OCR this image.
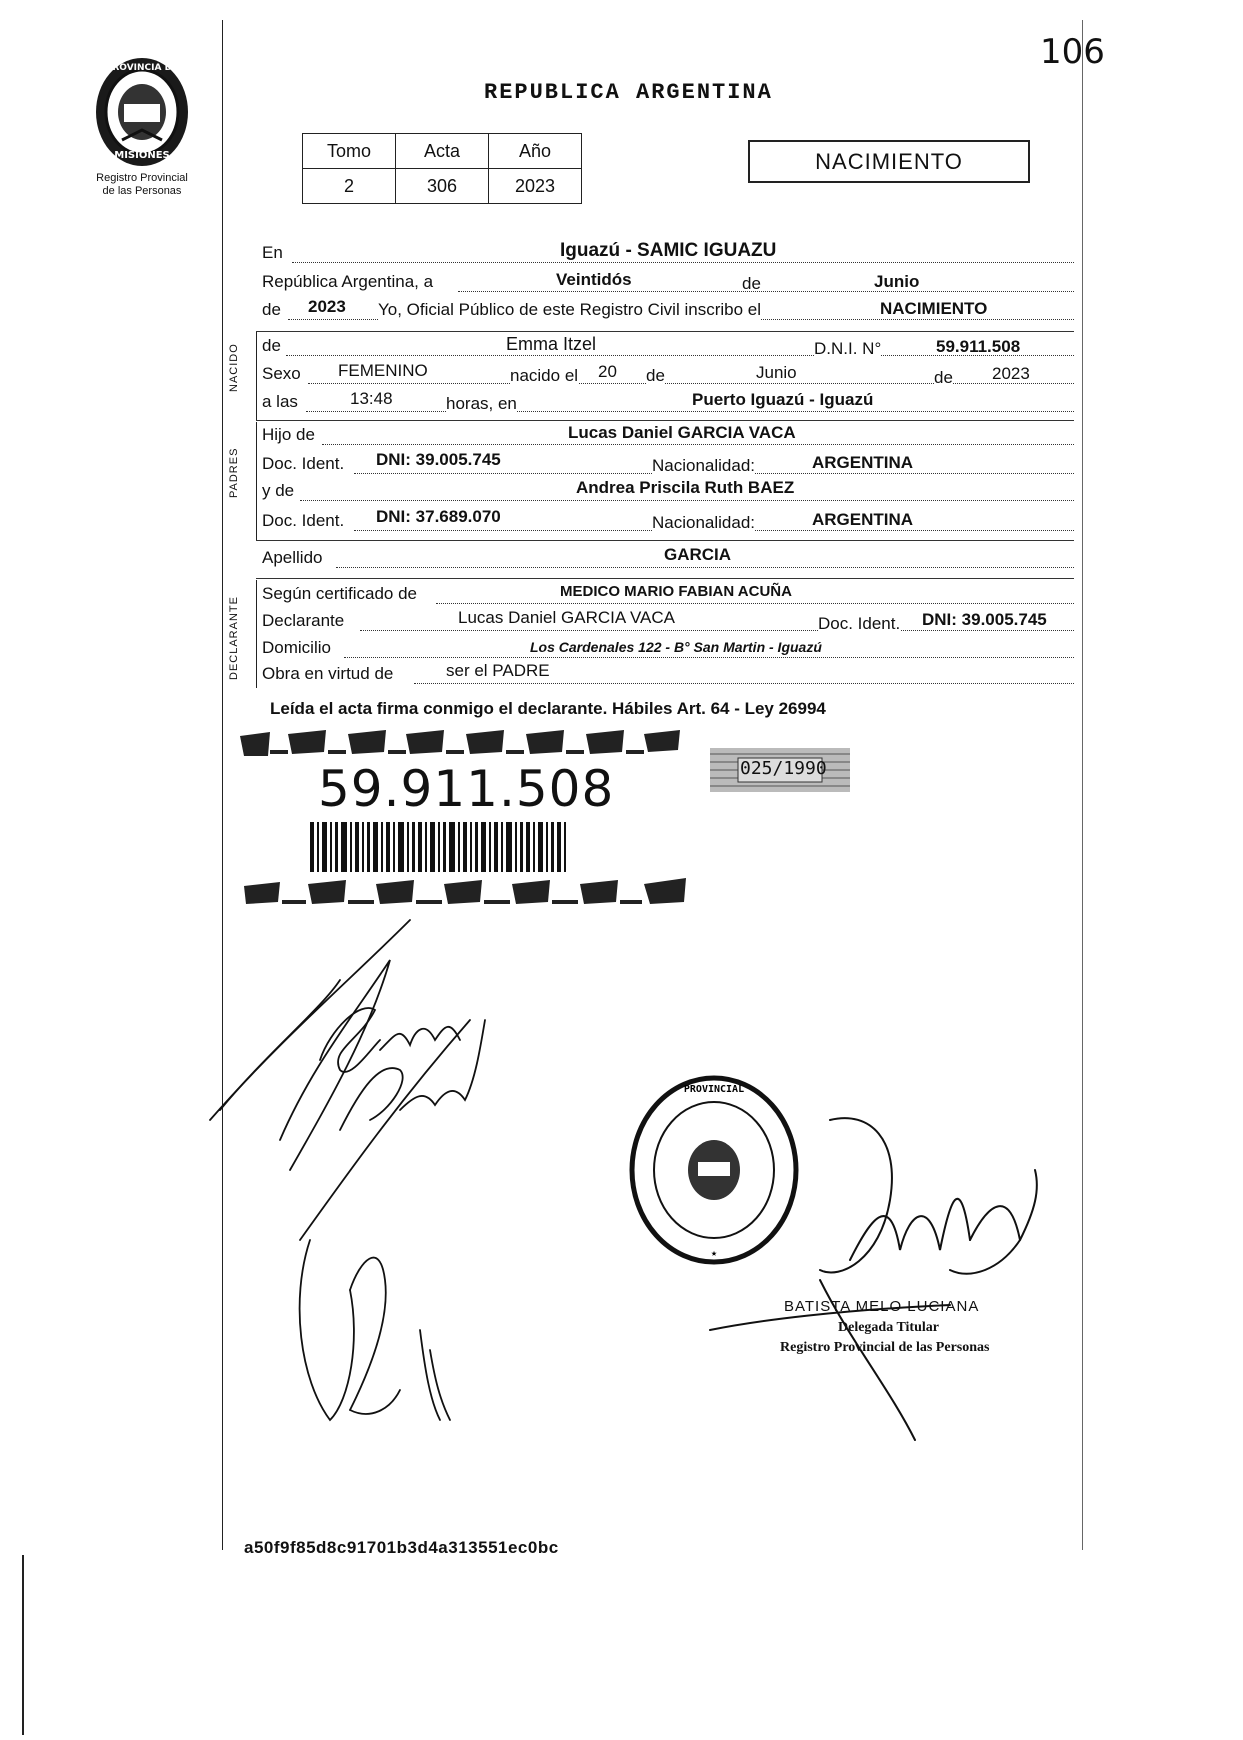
106
REPUBLICA ARGENTINA
PROVINCIA DE
MISIONES
Registro Provincial
de las Personas
Tomo	Acta	Año
2	306	2023
NACIMIENTO
En	Iguazú - SAMIC IGUAZU
República Argentina, a	Veintidós	de	Junio
de 2023 Yo, Oficial Público de este Registro Civil inscribo el	NACIMIENTO
NACIDO de	Emma Itzel	D.N.I. N°	59.911.508
Sexo FEMENINO	nacido el 20 de	Junio	de 2023
a las	13:48	horas, en	Puerto Iguazú - Iguazú
PADRES
Hijo de	Lucas Daniel GARCIA VACA
Doc. Ident. DNI: 39.005.745	Nacionalidad:	ARGENTINA
y de	Andrea Priscila Ruth BAEZ
Doc. Ident. DNI: 37.689.070	Nacionalidad:	ARGENTINA
Apellido	GARCIA
DECLARANTE
Según certificado de	MEDICO MARIO FABIAN ACUÑA
Declarante	Lucas Daniel GARCIA VACA	Doc. Ident. DNI: 39.005.745
Domicilio	Los Cardenales 122 - B° San Martin - Iguazú
Obra en virtud de	ser el PADRE
Leída el acta firma conmigo el declarante. Hábiles Art. 64 - Ley 26994
59.911.508	025/1990
PROVINCIAL
★
BATISTA MELO LUCIANA
Delegada Titular
Registro Provincial de las Personas
a50f9f85d8c91701b3d4a313551ec0bc
